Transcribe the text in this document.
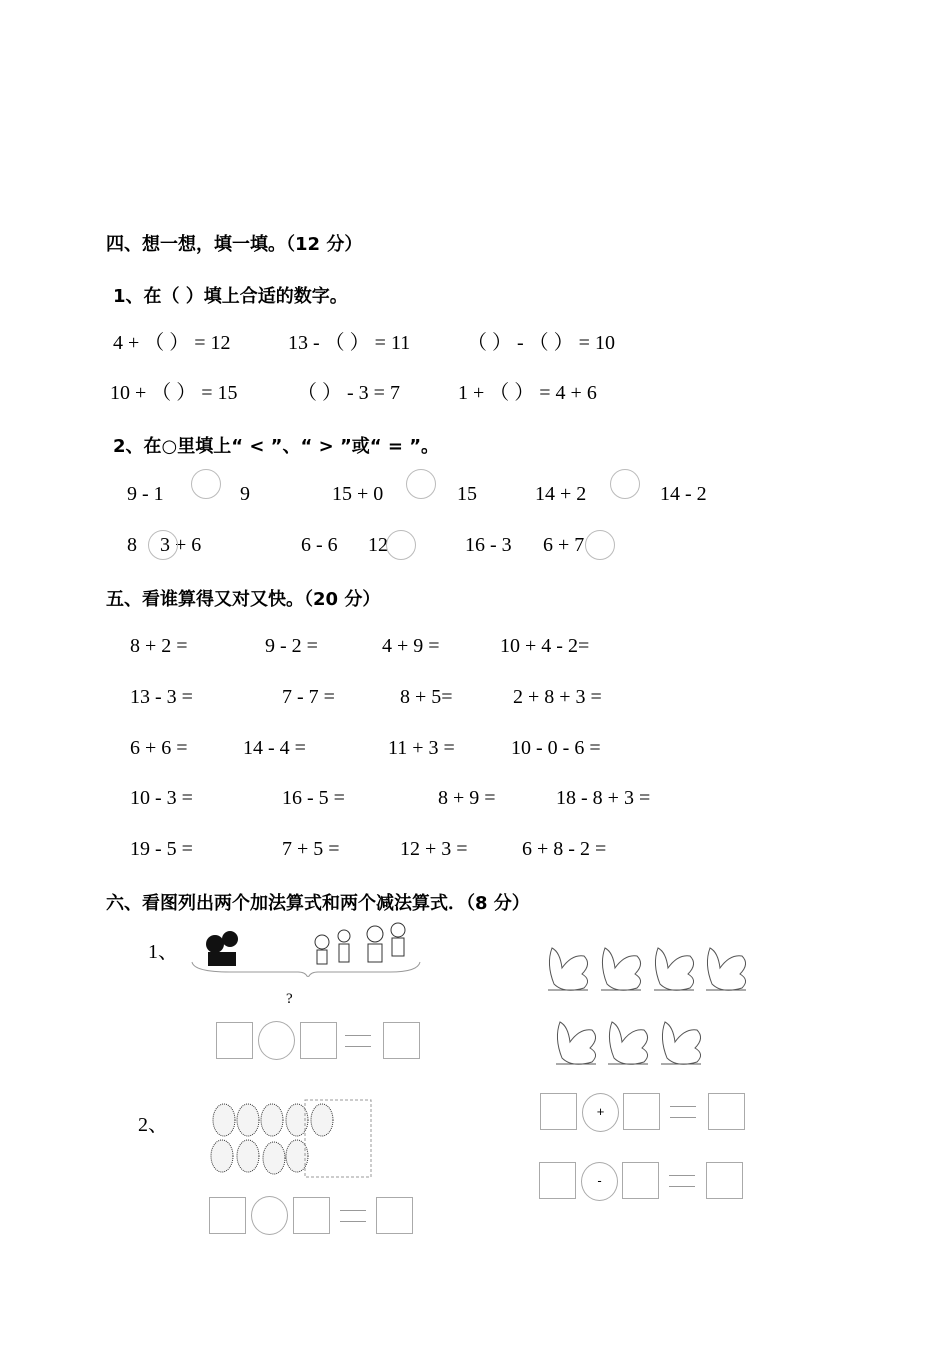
四、想一想，填一填。（12 分）
1、在（ ）填上合适的数字。
2、在○里填上“ < ”、“ > ”或“ = ”。
五、看谁算得又对又快。（20 分）
六、看图列出两个加法算式和两个减法算式．（8 分）
4 + （ ） = 12	13 - （ ） = 11	（ ） - （ ） = 10
10 + （ ） = 15	（ ） - 3 = 7	1 + （ ） = 4 + 6
9 - 1	9	15 + 0	15	14 + 2	14 - 2
8 3 + 6	6 - 6 12	16 - 3 6 + 7
8 + 2 =	9 - 2 =	4 + 9 =	10 + 4 - 2=
13 - 3 =	7 - 7 =	8 + 5=	2 + 8 + 3 =
6 + 6 =	14 - 4 =	11 + 3 =	10 - 0 - 6 =
10 - 3 =	16 - 5 =	8 + 9 =	18 - 8 + 3 =
19 - 5 =	7 + 5 =	12 + 3 =	6 + 8 - 2 =
1、
?
2、
+
-
